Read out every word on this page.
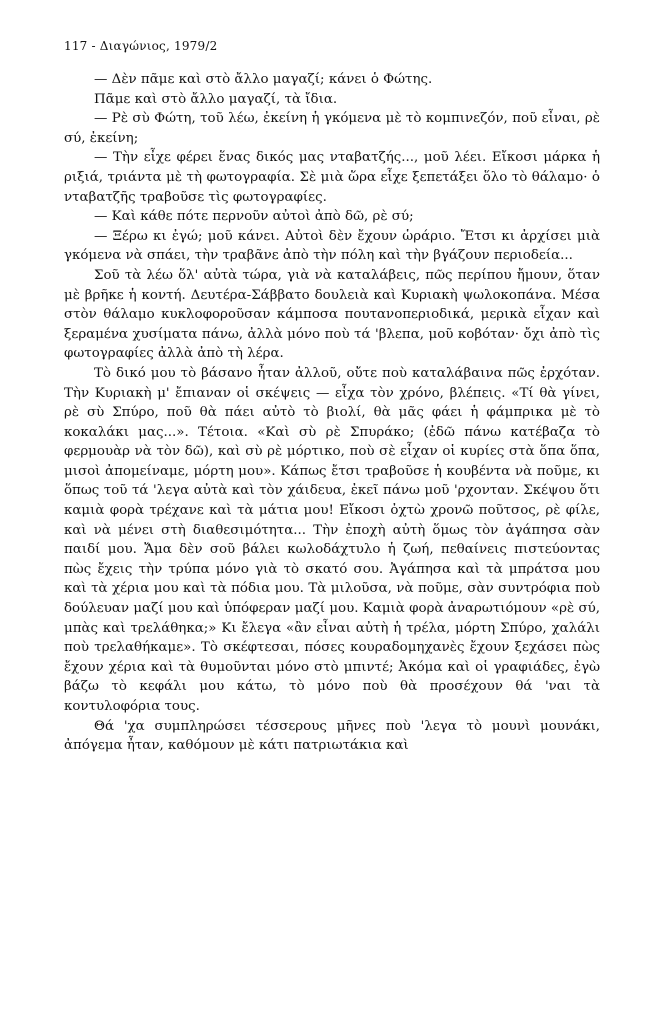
117 - Διαγώνιος, 1979/2

— Δὲν πᾶμε καὶ στὸ ἄλλο μαγαζί; κάνει ὁ Φώτης.

Πᾶμε καὶ στὸ ἄλλο μαγαζί, τὰ ἴδια.

— Ρὲ σὺ Φώτη, τοῦ λέω, ἐκείνη ἡ γκόμενα μὲ τὸ κομπινεζόν, ποῦ εἶναι, ρὲ σύ, ἐκείνη;

— Τὴν εἶχε φέρει ἕνας δικός μας νταβατζής..., μοῦ λέει. Εἴκοσι μάρκα ἡ ριξιά, τριάντα μὲ τὴ φωτογραφία. Σὲ μιὰ ὥρα εἶχε ξεπετάξει ὅλο τὸ θάλαμο· ὁ νταβατζῆς τραβοῦσε τὶς φωτογραφίες.

— Καὶ κάθε πότε περνοῦν αὐτοὶ ἀπὸ δῶ, ρὲ σύ;

— Ξέρω κι ἐγώ; μοῦ κάνει. Αὐτοὶ δὲν ἔχουν ὡράριο. Ἔτσι κι ἀρχίσει μιὰ γκόμενα νὰ σπάει, τὴν τραβᾶνε ἀπὸ τὴν πόλη καὶ τὴν βγάζουν περιοδεία...

Σοῦ τὰ λέω ὅλ' αὐτὰ τώρα, γιὰ νὰ καταλάβεις, πῶς περίπου ἤμουν, ὅταν μὲ βρῆκε ἡ κοντή. Δευτέρα-Σάββατο δουλειὰ καὶ Κυριακὴ ψωλοκοπάνα. Μέσα στὸν θάλαμο κυκλοφοροῦσαν κάμποσα πουτανοπεριοδικά, μερικὰ εἶχαν καὶ ξεραμένα χυσίματα πάνω, ἀλλὰ μόνο ποὺ τά 'βλεπα, μοῦ κοβόταν· ὄχι ἀπὸ τὶς φωτογραφίες ἀλλὰ ἀπὸ τὴ λέρα.

Τὸ δικό μου τὸ βάσανο ἦταν ἀλλοῦ, οὔτε ποὺ καταλάβαινα πῶς ἐρχόταν. Τὴν Κυριακὴ μ' ἔπιαναν οἱ σκέψεις — εἶχα τὸν χρόνο, βλέπεις. «Τί θὰ γίνει, ρὲ σὺ Σπύρο, ποῦ θὰ πάει αὐτὸ τὸ βιολί, θὰ μᾶς φάει ἡ φάμπρικα μὲ τὸ κοκαλάκι μας...». Τέτοια. «Καὶ σὺ ρὲ Σπυράκο; (ἐδῶ πάνω κατέβαζα τὸ φερμουὰρ νὰ τὸν δῶ), καὶ σὺ ρὲ μόρτικο, ποὺ σὲ εἶχαν οἱ κυρίες στὰ ὅπα ὅπα, μισοὶ ἀπομείναμε, μόρτη μου». Κάπως ἔτσι τραβοῦσε ἡ κουβέντα νὰ ποῦμε, κι ὅπως τοῦ τά 'λεγα αὐτὰ καὶ τὸν χάιδευα, ἐκεῖ πάνω μοῦ 'ρχονταν. Σκέψου ὅτι καμιὰ φορὰ τρέχανε καὶ τὰ μάτια μου! Εἴκοσι ὀχτὼ χρονῶ ποῦτσος, ρὲ φίλε, καὶ νὰ μένει στὴ διαθεσιμότητα... Τὴν ἐποχὴ αὐτὴ ὅμως τὸν ἀγάπησα σὰν παιδί μου. Ἄμα δὲν σοῦ βάλει κωλοδάχτυλο ἡ ζωή, πεθαίνεις πιστεύοντας πὼς ἔχεις τὴν τρύπα μόνο γιὰ τὸ σκατό σου. Ἀγάπησα καὶ τὰ μπράτσα μου καὶ τὰ χέρια μου καὶ τὰ πόδια μου. Τὰ μιλοῦσα, νὰ ποῦμε, σὰν συντρόφια ποὺ δούλευαν μαζί μου καὶ ὑπόφεραν μαζί μου. Καμιὰ φορὰ ἀναρωτιόμουν «ρὲ σύ, μπὰς καὶ τρελάθηκα;» Κι ἔλεγα «ἂν εἶναι αὐτὴ ἡ τρέλα, μόρτη Σπύρο, χαλάλι ποὺ τρελαθήκαμε». Τὸ σκέφτεσαι, πόσες κουραδομηχανὲς ἔχουν ξεχάσει πὼς ἔχουν χέρια καὶ τὰ θυμοῦνται μόνο στὸ μπιντέ; Ἀκόμα καὶ οἱ γραφιάδες, ἐγὼ βάζω τὸ κεφάλι μου κάτω, τὸ μόνο ποὺ θὰ προσέχουν θά 'ναι τὰ κοντυλοφόρια τους.

Θά 'χα συμπληρώσει τέσσερους μῆνες ποὺ 'λεγα τὸ μουνὶ μουνάκι, ἀπόγεμα ἦταν, καθόμουν μὲ κάτι πατριωτάκια καὶ
